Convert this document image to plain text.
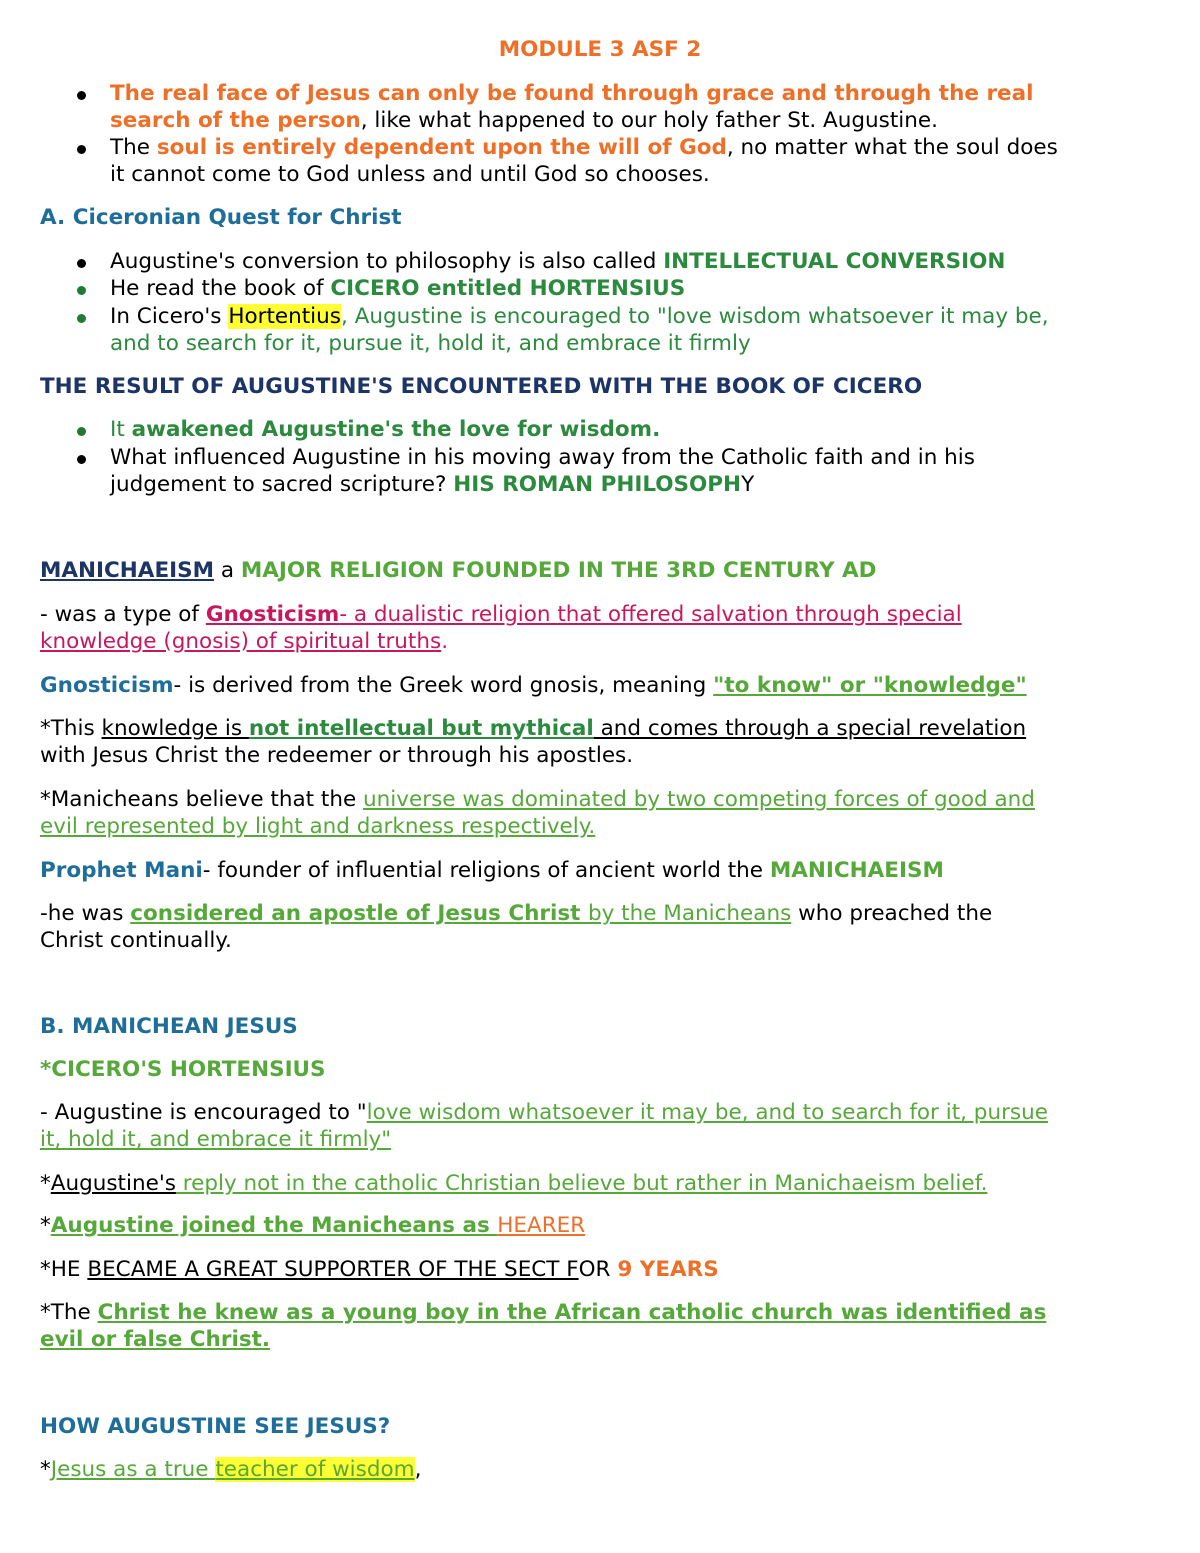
MODULE 3 ASF 2
The real face of Jesus can only be found through grace and through the real
search of the person, like what happened to our holy father St. Augustine.
The soul is entirely dependent upon the will of God, no matter what the soul does
it cannot come to God unless and until God so chooses.
A. Ciceronian Quest for Christ
Augustine's conversion to philosophy is also called INTELLECTUAL CONVERSION
He read the book of CICERO entitled HORTENSIUS
In Cicero's Hortentius, Augustine is encouraged to "love wisdom whatsoever it may be,
and to search for it, pursue it, hold it, and embrace it firmly
THE RESULT OF AUGUSTINE'S ENCOUNTERED WITH THE BOOK OF CICERO
It awakened Augustine's the love for wisdom.
What influenced Augustine in his moving away from the Catholic faith and in his
judgement to sacred scripture? HIS ROMAN PHILOSOPHY
MANICHAEISM a MAJOR RELIGION FOUNDED IN THE 3RD CENTURY AD
- was a type of Gnosticism- a dualistic religion that offered salvation through special
knowledge (gnosis) of spiritual truths.
Gnosticism- is derived from the Greek word gnosis, meaning "to know" or "knowledge"
*This knowledge is not intellectual but mythical and comes through a special revelation
with Jesus Christ the redeemer or through his apostles.
*Manicheans believe that the universe was dominated by two competing forces of good and
evil represented by light and darkness respectively.
Prophet Mani- founder of influential religions of ancient world the MANICHAEISM
-he was considered an apostle of Jesus Christ by the Manicheans who preached the
Christ continually.
B. MANICHEAN JESUS
*CICERO'S HORTENSIUS
- Augustine is encouraged to "love wisdom whatsoever it may be, and to search for it, pursue
it, hold it, and embrace it firmly"
*Augustine's reply not in the catholic Christian believe but rather in Manichaeism belief.
*Augustine joined the Manicheans as HEARER
*HE BECAME A GREAT SUPPORTER OF THE SECT FOR 9 YEARS
*The Christ he knew as a young boy in the African catholic church was identified as
evil or false Christ.
HOW AUGUSTINE SEE JESUS?
*Jesus as a true teacher of wisdom,
